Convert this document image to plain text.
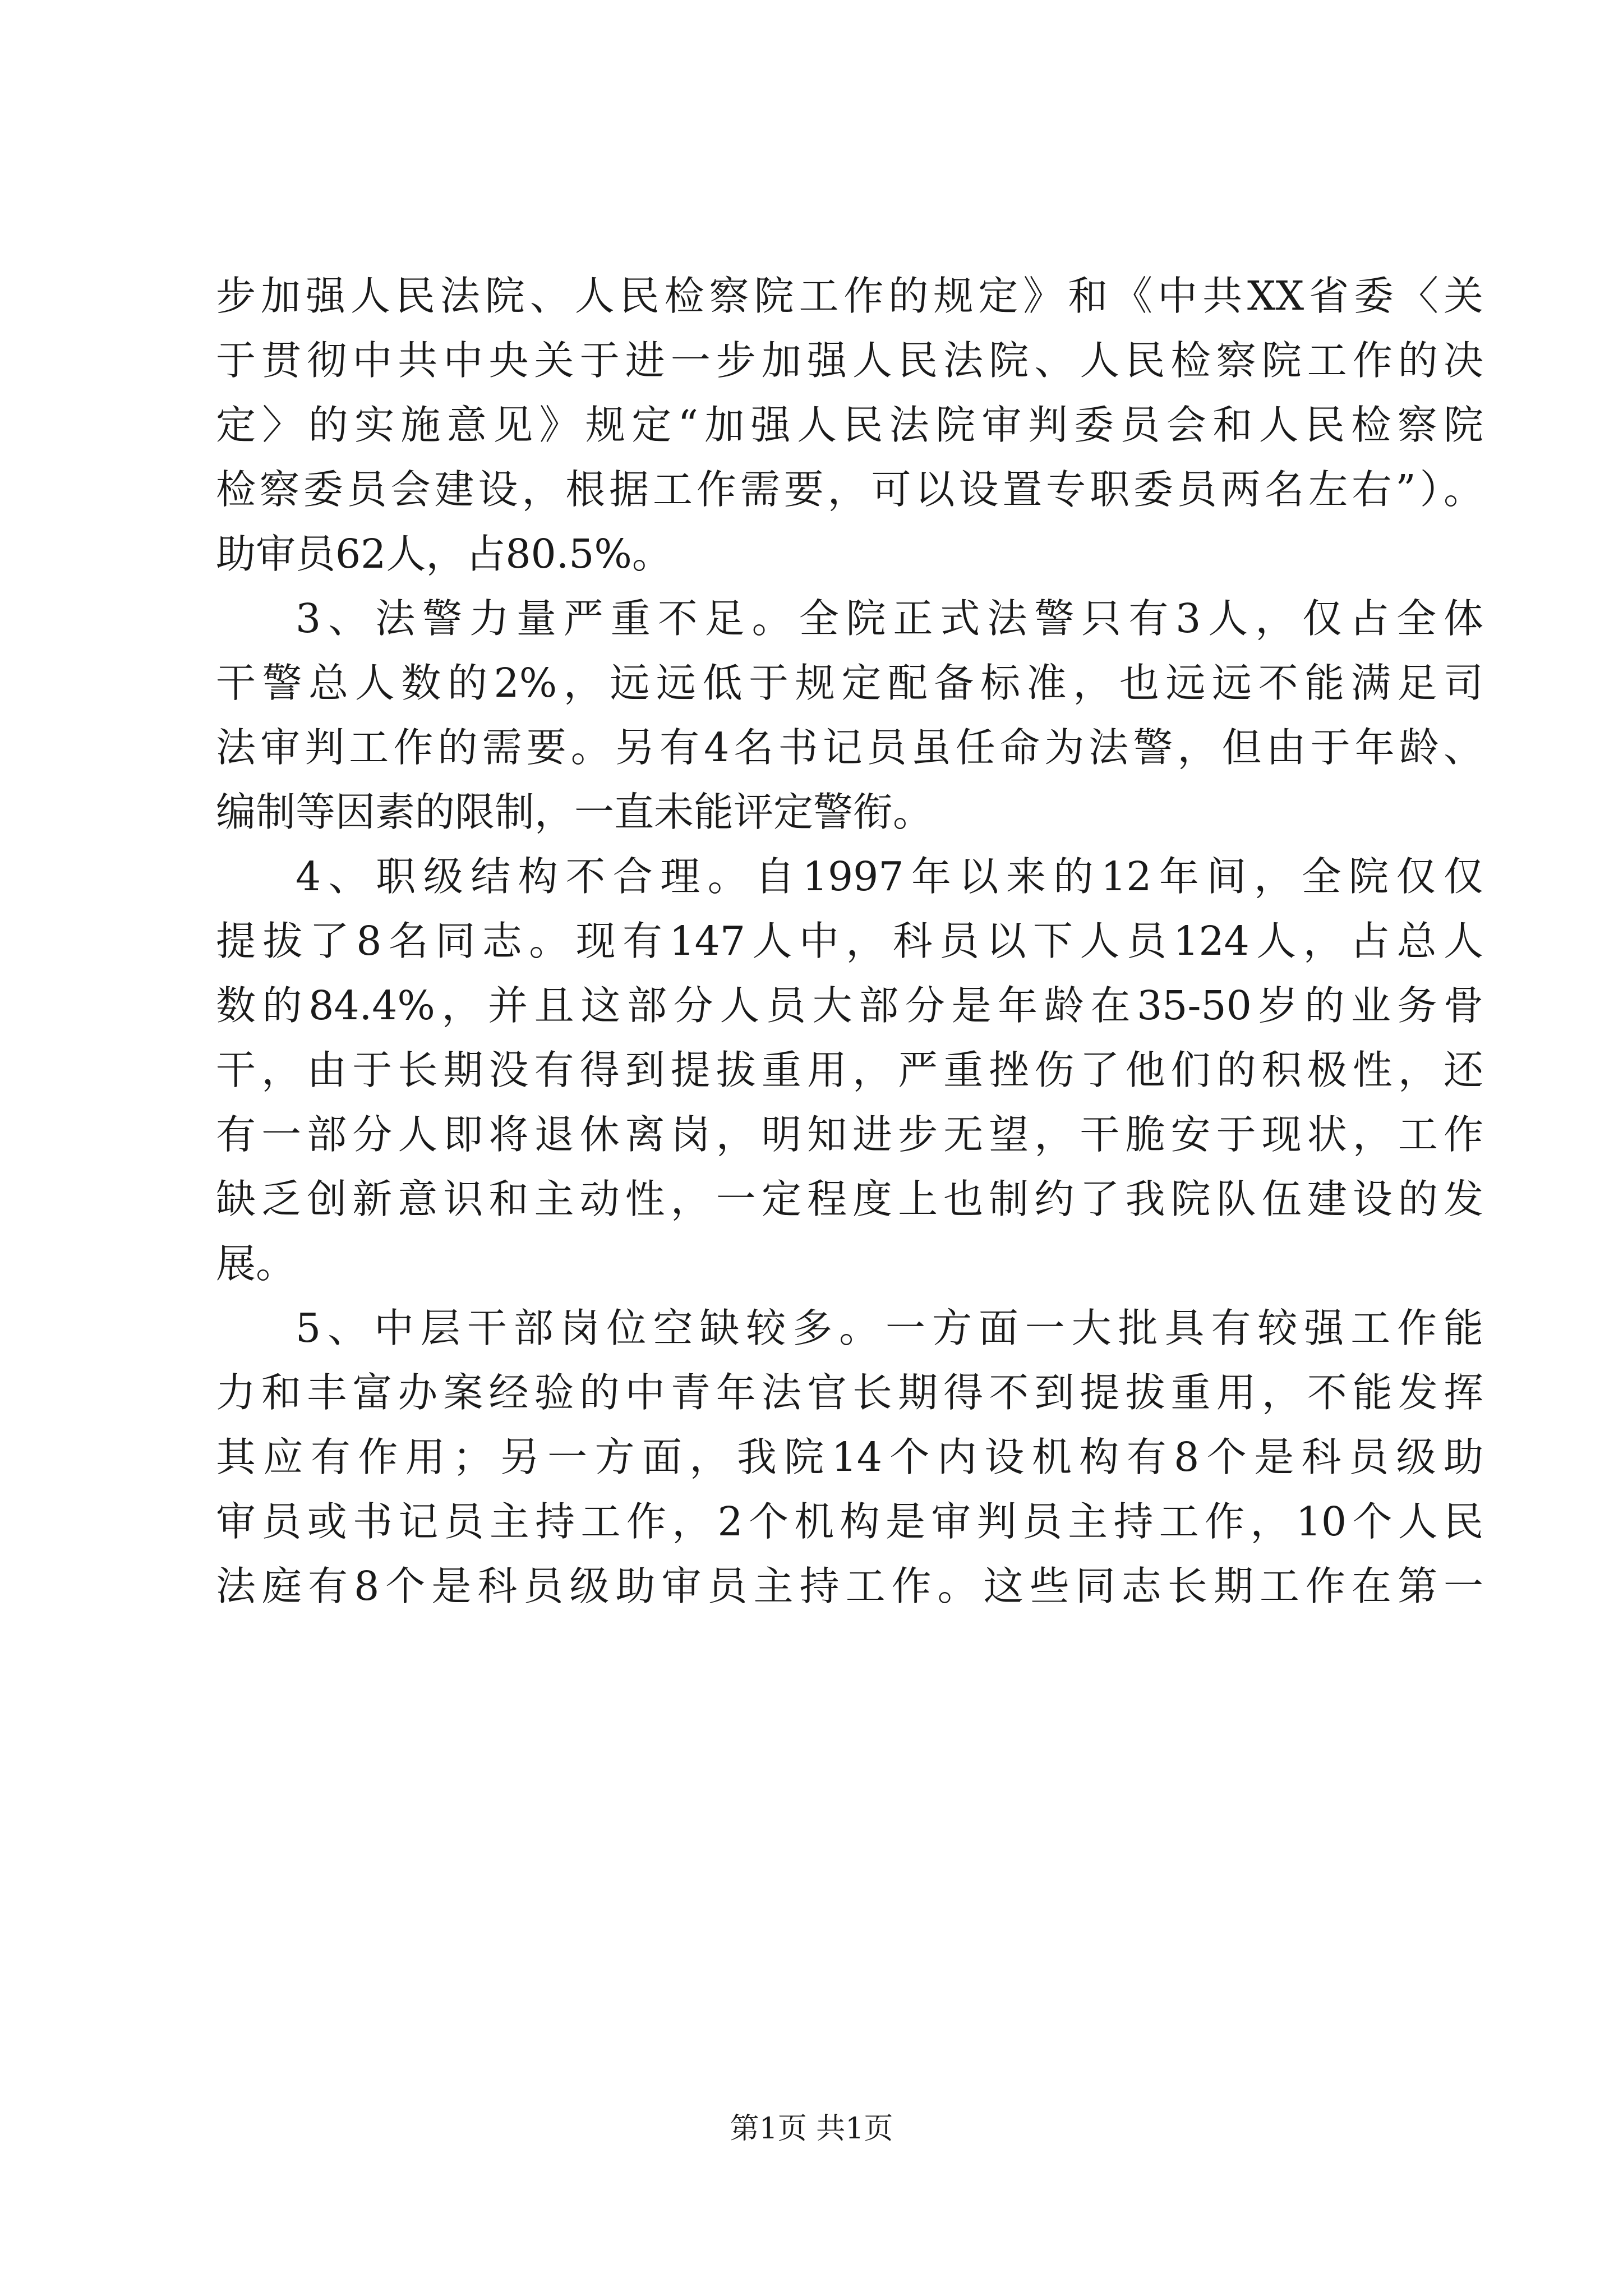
步加强人民法院、人民检察院工作的规定》和《中共XX省委〈关
于贯彻中共中央关于进一步加强人民法院、人民检察院工作的决
定〉的实施意见》规定“加强人民法院审判委员会和人民检察院
检察委员会建设，根据工作需要，可以设置专职委员两名左右”）。
助审员62人，占80.5%。
3、法警力量严重不足。全院正式法警只有3人，仅占全体
干警总人数的2%，远远低于规定配备标准，也远远不能满足司
法审判工作的需要。另有4名书记员虽任命为法警，但由于年龄、
编制等因素的限制，一直未能评定警衔。
4、职级结构不合理。自1997年以来的12年间，全院仅仅
提拔了8名同志。现有147人中，科员以下人员124人，占总人
数的84.4%，并且这部分人员大部分是年龄在35-50岁的业务骨
干，由于长期没有得到提拔重用，严重挫伤了他们的积极性，还
有一部分人即将退休离岗，明知进步无望，干脆安于现状，工作
缺乏创新意识和主动性，一定程度上也制约了我院队伍建设的发
展。
5、中层干部岗位空缺较多。一方面一大批具有较强工作能
力和丰富办案经验的中青年法官长期得不到提拔重用，不能发挥
其应有作用；另一方面，我院14个内设机构有8个是科员级助
审员或书记员主持工作，2个机构是审判员主持工作，10个人民
法庭有8个是科员级助审员主持工作。这些同志长期工作在第一
第1页 共1页
